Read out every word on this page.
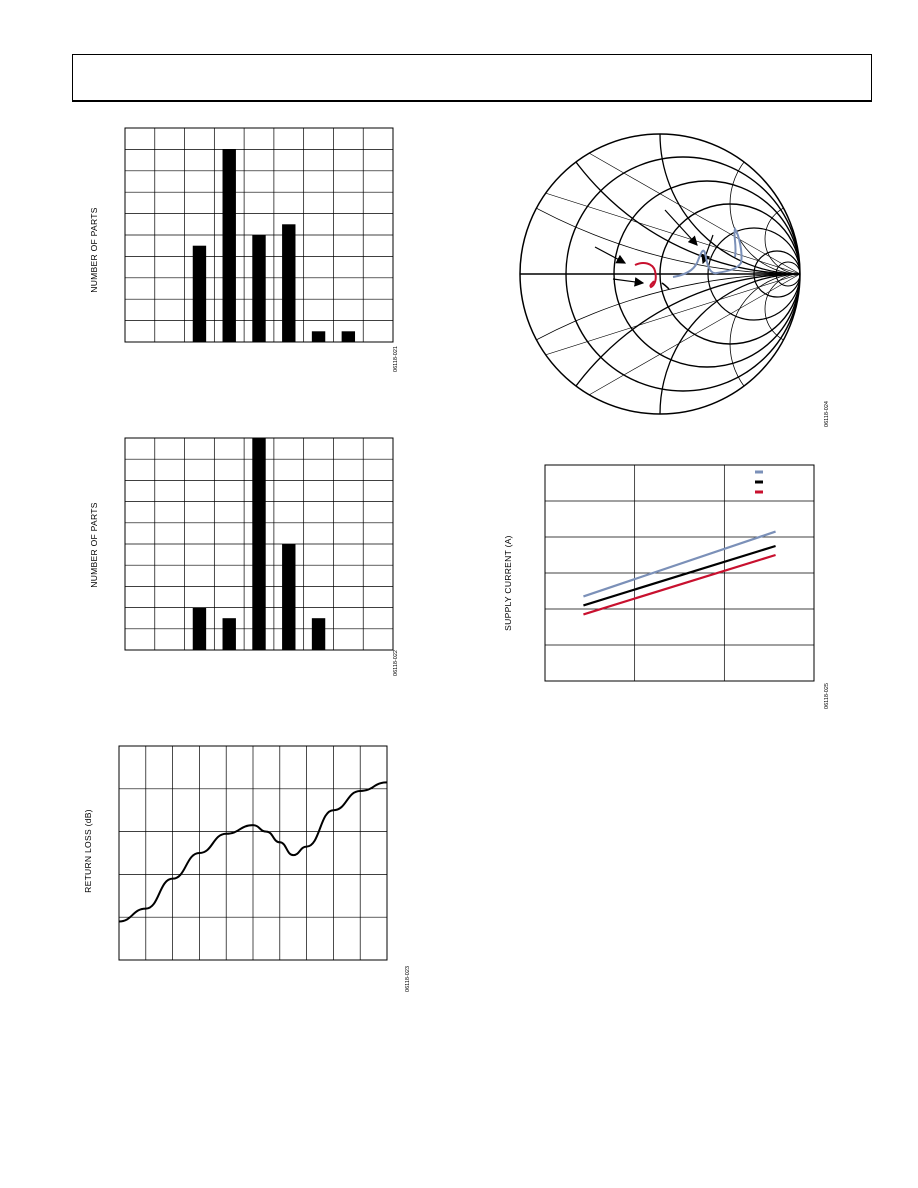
NUMBER OF PARTS
06118-021
NUMBER OF PARTS
06118-022
RETURN LOSS (dB)
06118-023
06118-024
SUPPLY CURRENT (A)
06118-025
